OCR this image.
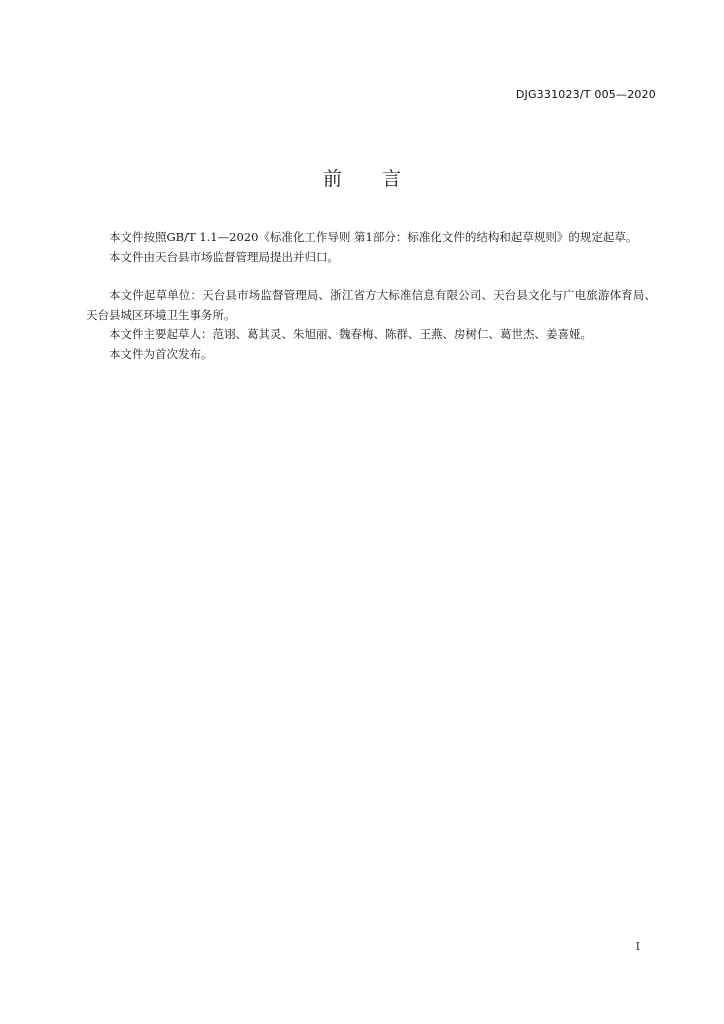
DJG331023/T 005—2020
前 言

本文件按照GB/T 1.1—2020《标准化工作导则 第1部分：标准化文件的结构和起草规则》的规定起草。

本文件由天台县市场监督管理局提出并归口。

本文件起草单位：天台县市场监督管理局、浙江省方大标准信息有限公司、天台县文化与广电旅游体育局、天台县城区环境卫生事务所。

本文件主要起草人：范诩、葛其灵、朱旭丽、魏春梅、陈群、王燕、房树仁、葛世杰、姜喜娅。

本文件为首次发布。

I
